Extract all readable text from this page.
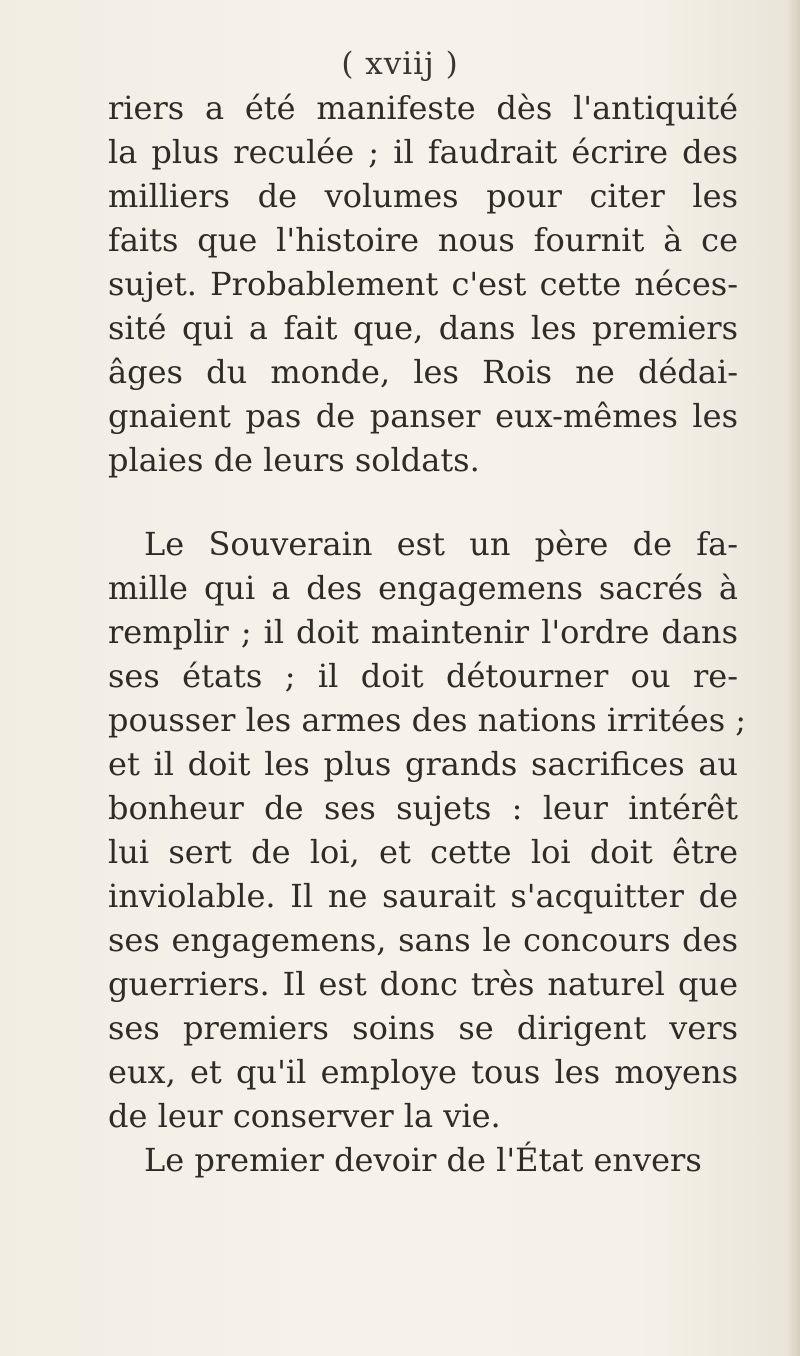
( xviij )
riers a été manifeste dès l'antiquité
la plus reculée ; il faudrait écrire des
milliers de volumes pour citer les
faits que l'histoire nous fournit à ce
sujet. Probablement c'est cette néces-
sité qui a fait que, dans les premiers
âges du monde, les Rois ne dédai-
gnaient pas de panser eux-mêmes les
plaies de leurs soldats.
Le Souverain est un père de fa-
mille qui a des engagemens sacrés à
remplir ; il doit maintenir l'ordre dans
ses états ; il doit détourner ou re-
pousser les armes des nations irritées ;
et il doit les plus grands sacrifices au
bonheur de ses sujets : leur intérêt
lui sert de loi, et cette loi doit être
inviolable. Il ne saurait s'acquitter de
ses engagemens, sans le concours des
guerriers. Il est donc très naturel que
ses premiers soins se dirigent vers
eux, et qu'il employe tous les moyens
de leur conserver la vie.
Le premier devoir de l'État envers
